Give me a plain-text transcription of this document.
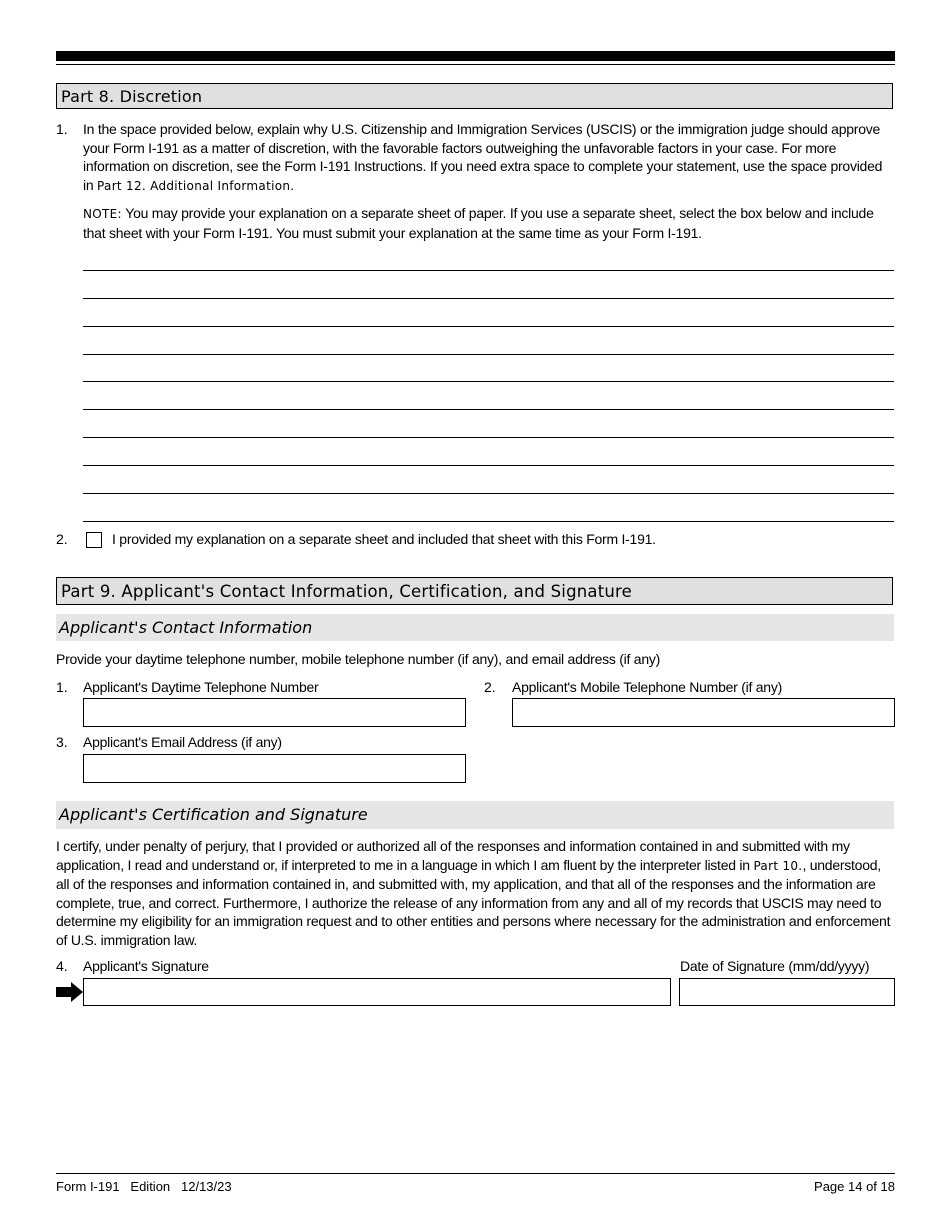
Part 8. Discretion
1. In the space provided below, explain why U.S. Citizenship and Immigration Services (USCIS) or the immigration judge should approve your Form I-191 as a matter of discretion, with the favorable factors outweighing the unfavorable factors in your case. For more information on discretion, see the Form I-191 Instructions. If you need extra space to complete your statement, use the space provided in Part 12. Additional Information.
NOTE: You may provide your explanation on a separate sheet of paper. If you use a separate sheet, select the box below and include that sheet with your Form I-191. You must submit your explanation at the same time as your Form I-191.
2.	I provided my explanation on a separate sheet and included that sheet with this Form I-191.
Part 9. Applicant's Contact Information, Certification, and Signature
Applicant's Contact Information
Provide your daytime telephone number, mobile telephone number (if any), and email address (if any)
1. Applicant's Daytime Telephone Number	2. Applicant's Mobile Telephone Number (if any)
3. Applicant's Email Address (if any)
Applicant's Certification and Signature
I certify, under penalty of perjury, that I provided or authorized all of the responses and information contained in and submitted with my application, I read and understand or, if interpreted to me in a language in which I am fluent by the interpreter listed in Part 10., understood, all of the responses and information contained in, and submitted with, my application, and that all of the responses and the information are complete, true, and correct. Furthermore, I authorize the release of any information from any and all of my records that USCIS may need to determine my eligibility for an immigration request and to other entities and persons where necessary for the administration and enforcement of U.S. immigration law.
4. Applicant's Signature	Date of Signature (mm/dd/yyyy)
Form I-191   Edition   12/13/23	Page 14 of 18
